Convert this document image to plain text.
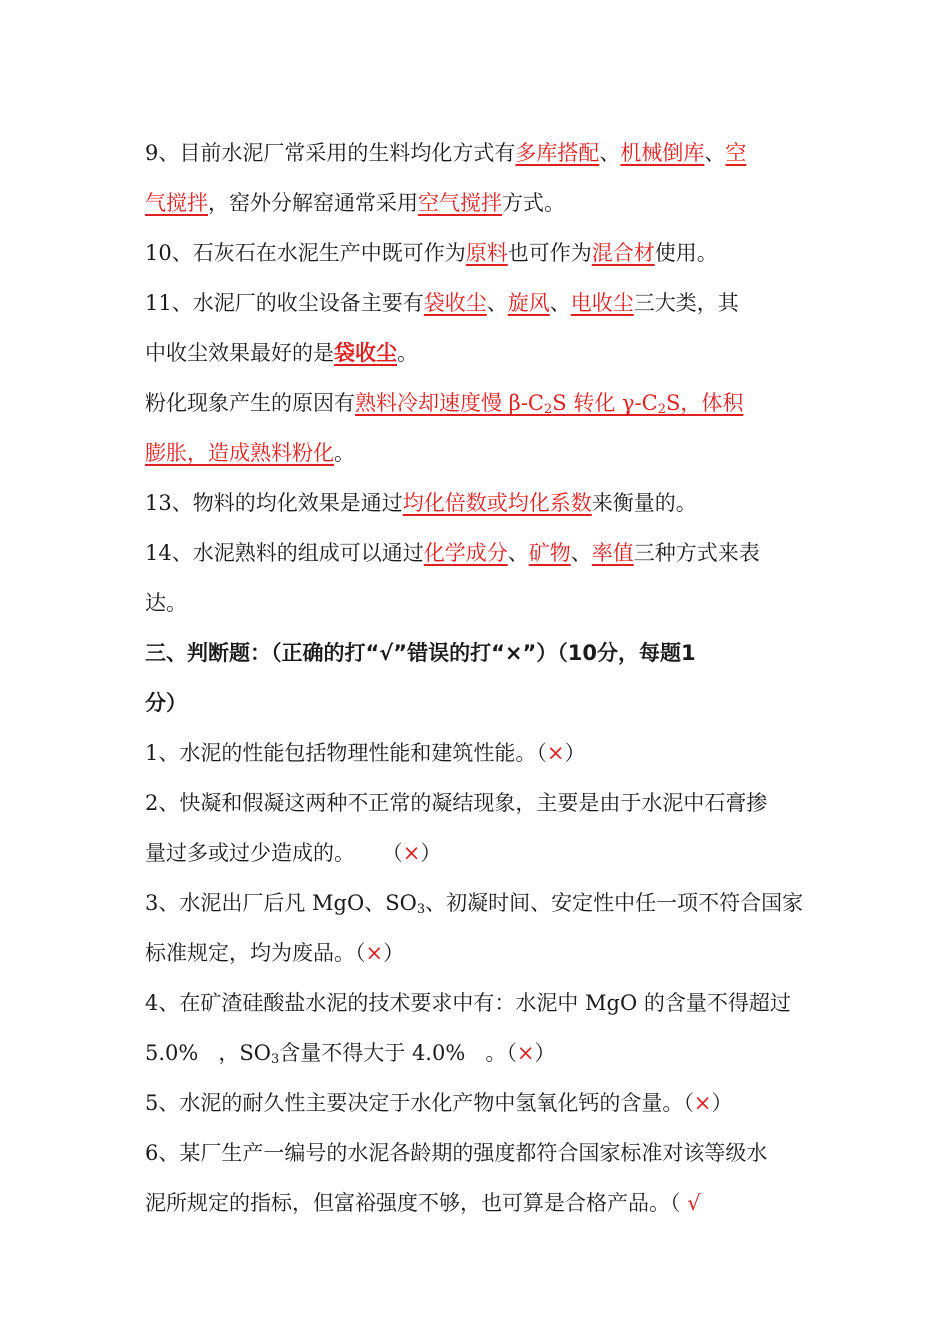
9、目前水泥厂常采用的生料均化方式有多库搭配、机械倒库、空
气搅拌，窑外分解窑通常采用空气搅拌方式。
10、石灰石在水泥生产中既可作为原料也可作为混合材使用。
11、水泥厂的收尘设备主要有袋收尘、旋风、电收尘三大类，其
中收尘效果最好的是袋收尘。
粉化现象产生的原因有熟料冷却速度慢 $\beta-C_2S$ 转化 $\gamma-C_2S$，体积
膨胀，造成熟料粉化。
13、物料的均化效果是通过均化倍数或均化系数来衡量的。
14、水泥熟料的组成可以通过化学成分、矿物、率值三种方式来表
达。
三、判断题：（正确的打“√”错误的打“×”）（10分，每题1
分）
1、水泥的性能包括物理性能和建筑性能。（×）
2、快凝和假凝这两种不正常的凝结现象，主要是由于水泥中石膏掺
量过多或过少造成的。    （×）
3、水泥出厂后凡 MgO、$SO_3$、初凝时间、安定性中任一项不符合国家
标准规定，均为废品。（×）
4、在矿渣硅酸盐水泥的技术要求中有：水泥中 MgO 的含量不得超过
5.0%   ，$SO_3$含量不得大于 4.0%   。（×）
5、水泥的耐久性主要决定于水化产物中氢氧化钙的含量。（×）
6、某厂生产一编号的水泥各龄期的强度都符合国家标准对该等级水
泥所规定的指标，但富裕强度不够，也可算是合格产品。（ √
